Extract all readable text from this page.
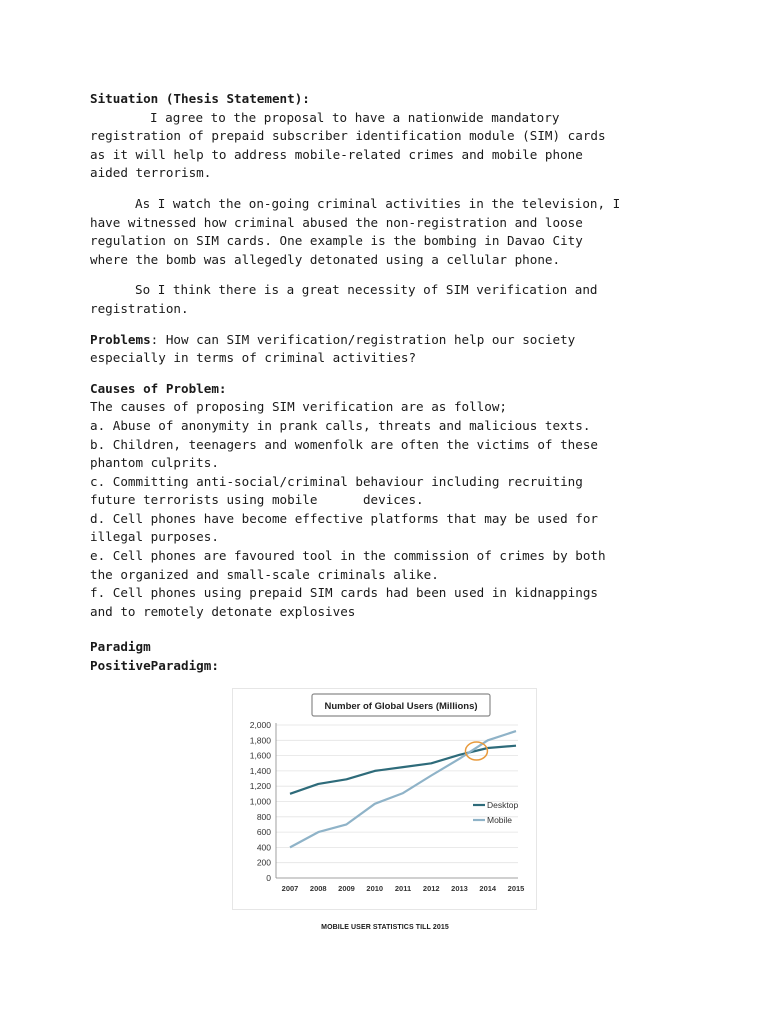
Situation (Thesis Statement):
I agree to the proposal to have a nationwide mandatory
registration of prepaid subscriber identification module (SIM) cards
as it will help to address mobile-related crimes and mobile phone
aided terrorism.
As I watch the on-going criminal activities in the television, I
have witnessed how criminal abused the non-registration and loose
regulation on SIM cards. One example is the bombing in Davao City
where the bomb was allegedly detonated using a cellular phone.
So I think there is a great necessity of SIM verification and
registration.
Problems: How can SIM verification/registration help our society
especially in terms of criminal activities?
Causes of Problem:
The causes of proposing SIM verification are as follow;
a. Abuse of anonymity in prank calls, threats and malicious texts.
b. Children, teenagers and womenfolk are often the victims of these
phantom culprits.
c. Committing anti-social/criminal behaviour including recruiting
future terrorists using mobile      devices.
d. Cell phones have become effective platforms that may be used for
illegal purposes.
e. Cell phones are favoured tool in the commission of crimes by both
the organized and small-scale criminals alike.
f. Cell phones using prepaid SIM cards had been used in kidnappings
and to remotely detonate explosives
Paradigm
PositiveParadigm:
Number of Global Users (Millions)
0
200
400
600
800
1,000
1,200
1,400
1,600
1,800
2,000
2007 2008 2009 2010 2011 2012 2013 2014 2015
Desktop
Mobile
MOBILE USER STATISTICS TILL 2015
